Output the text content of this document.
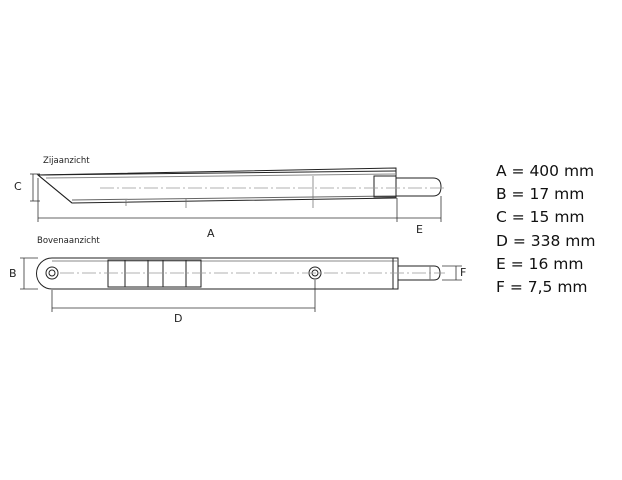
Zijaanzicht
C
A	E
Bovenaanzicht
B
D
F
A = 400 mm
B = 17 mm
C = 15 mm
D = 338 mm
E = 16 mm
F = 7,5 mm
